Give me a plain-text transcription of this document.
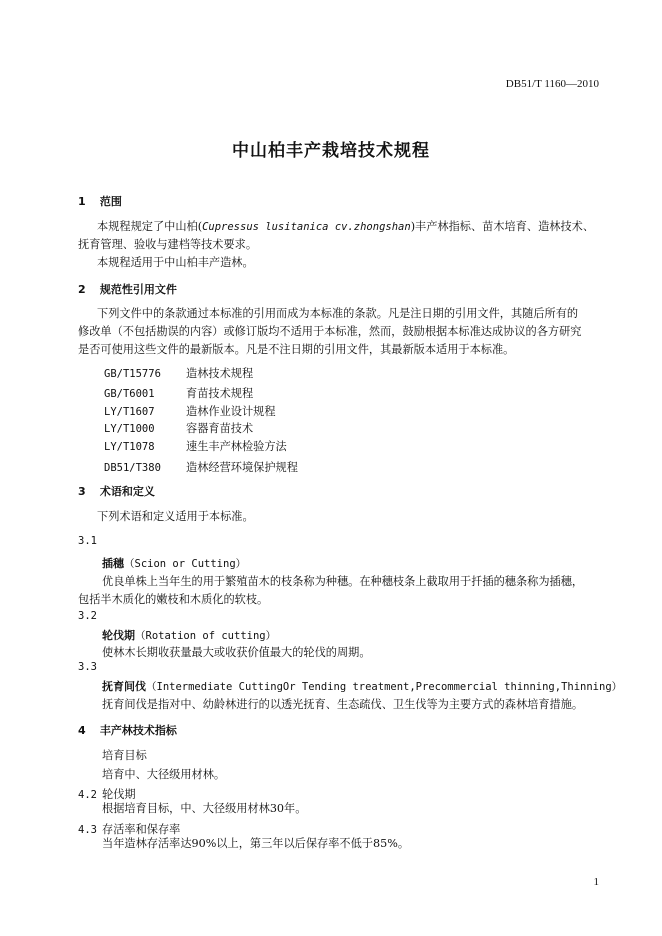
DB51/T 1160—2010
中山柏丰产栽培技术规程
1 范围
本规程规定了中山柏(Cupressus lusitanica cv.zhongshan)丰产林指标、苗木培育、造林技术、
抚育管理、验收与建档等技术要求。
本规程适用于中山柏丰产造林。
2 规范性引用文件
下列文件中的条款通过本标准的引用而成为本标准的条款。凡是注日期的引用文件，其随后所有的
修改单（不包括勘误的内容）或修订版均不适用于本标准，然而，鼓励根据本标准达成协议的各方研究
是否可使用这些文件的最新版本。凡是不注日期的引用文件，其最新版本适用于本标准。
GB/T15776 造林技术规程
GB/T6001	育苗技术规程
LY/T1607	造林作业设计规程
LY/T1000	容器育苗技术
LY/T1078	速生丰产林检验方法
DB51/T380 造林经营环境保护规程
3 术语和定义
下列术语和定义适用于本标准。
3.1
插穗（Scion or Cutting）
优良单株上当年生的用于繁殖苗木的枝条称为种穗。在种穗枝条上截取用于扦插的穗条称为插穗，
包括半木质化的嫩枝和木质化的软枝。
3.2
轮伐期（Rotation of cutting）
使林木长期收获量最大或收获价值最大的轮伐的周期。
3.3
抚育间伐（Intermediate CuttingOr Tending treatment,Precommercial thinning,Thinning）
抚育间伐是指对中、幼龄林进行的以透光抚育、生态疏伐、卫生伐等为主要方式的森林培育措施。
4 丰产林技术指标
培育目标
培育中、大径级用材林。
4.2 轮伐期
根据培育目标，中、大径级用材林30年。
4.3 存活率和保存率
当年造林存活率达90%以上，第三年以后保存率不低于85%。
1
